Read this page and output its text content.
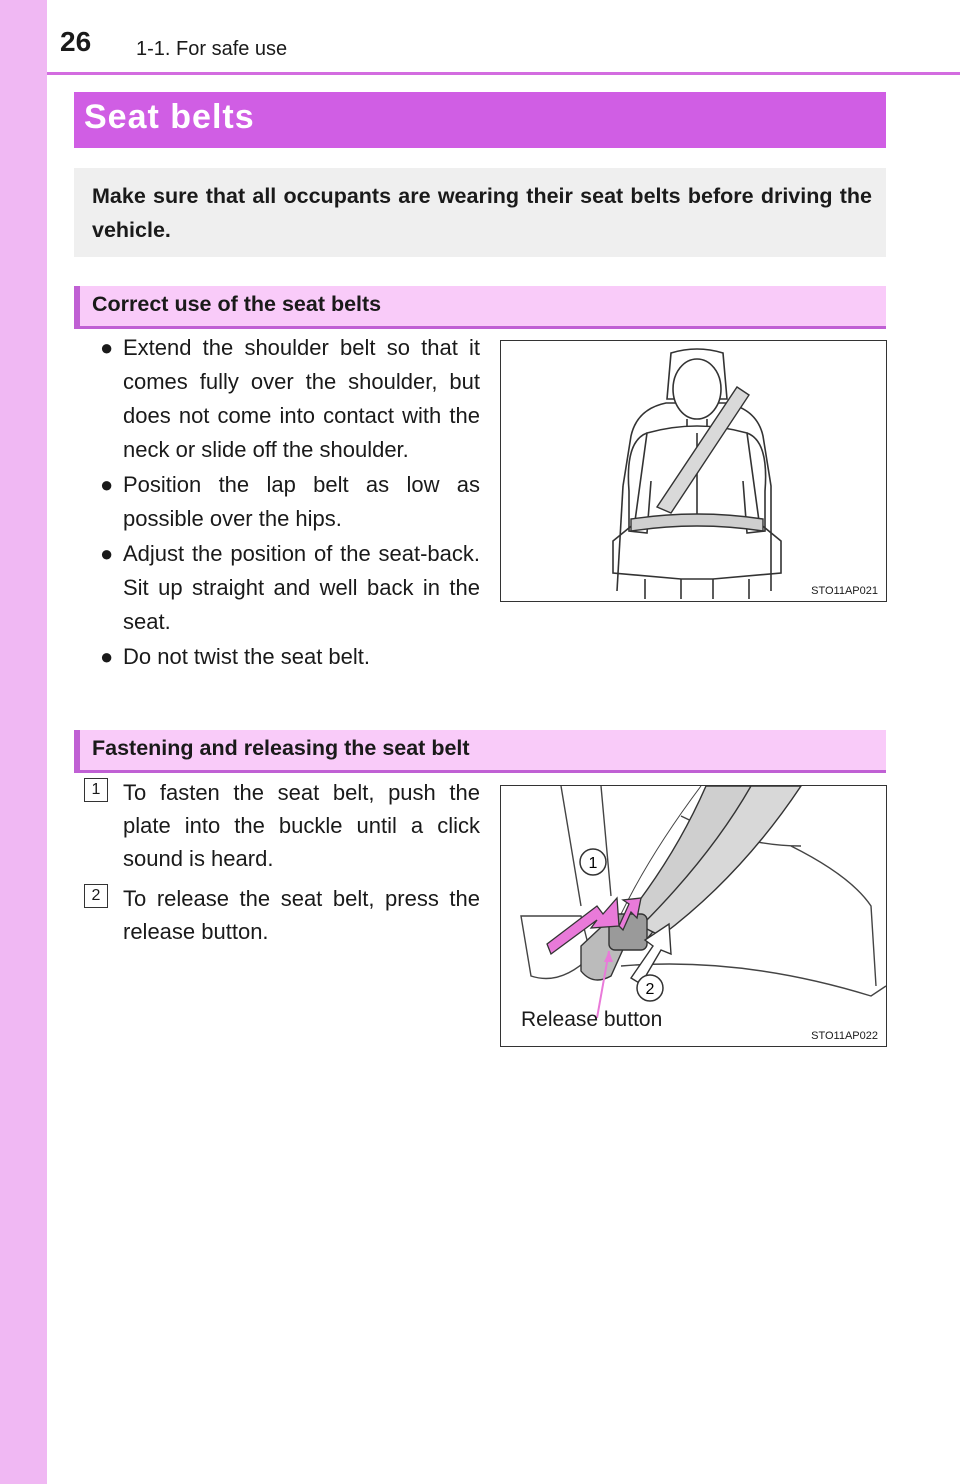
26 1-1. For safe use
Seat belts

Make sure that all occupants are wearing their seat belts before driving the vehicle.

Correct use of the seat belts
● Extend the shoulder belt so that it comes fully over the shoulder, but does not come into contact with the neck or slide off the shoulder.
● Position the lap belt as low as possible over the hips.
● Adjust the position of the seat-back. Sit up straight and well back in the seat.
● Do not twist the seat belt.
STO11AP021
Fastening and releasing the seat belt
1	To fasten the seat belt, push the plate into the buckle until a click sound is heard.
2	To release the seat belt, press the release button.
1
2
Release button
STO11AP022
